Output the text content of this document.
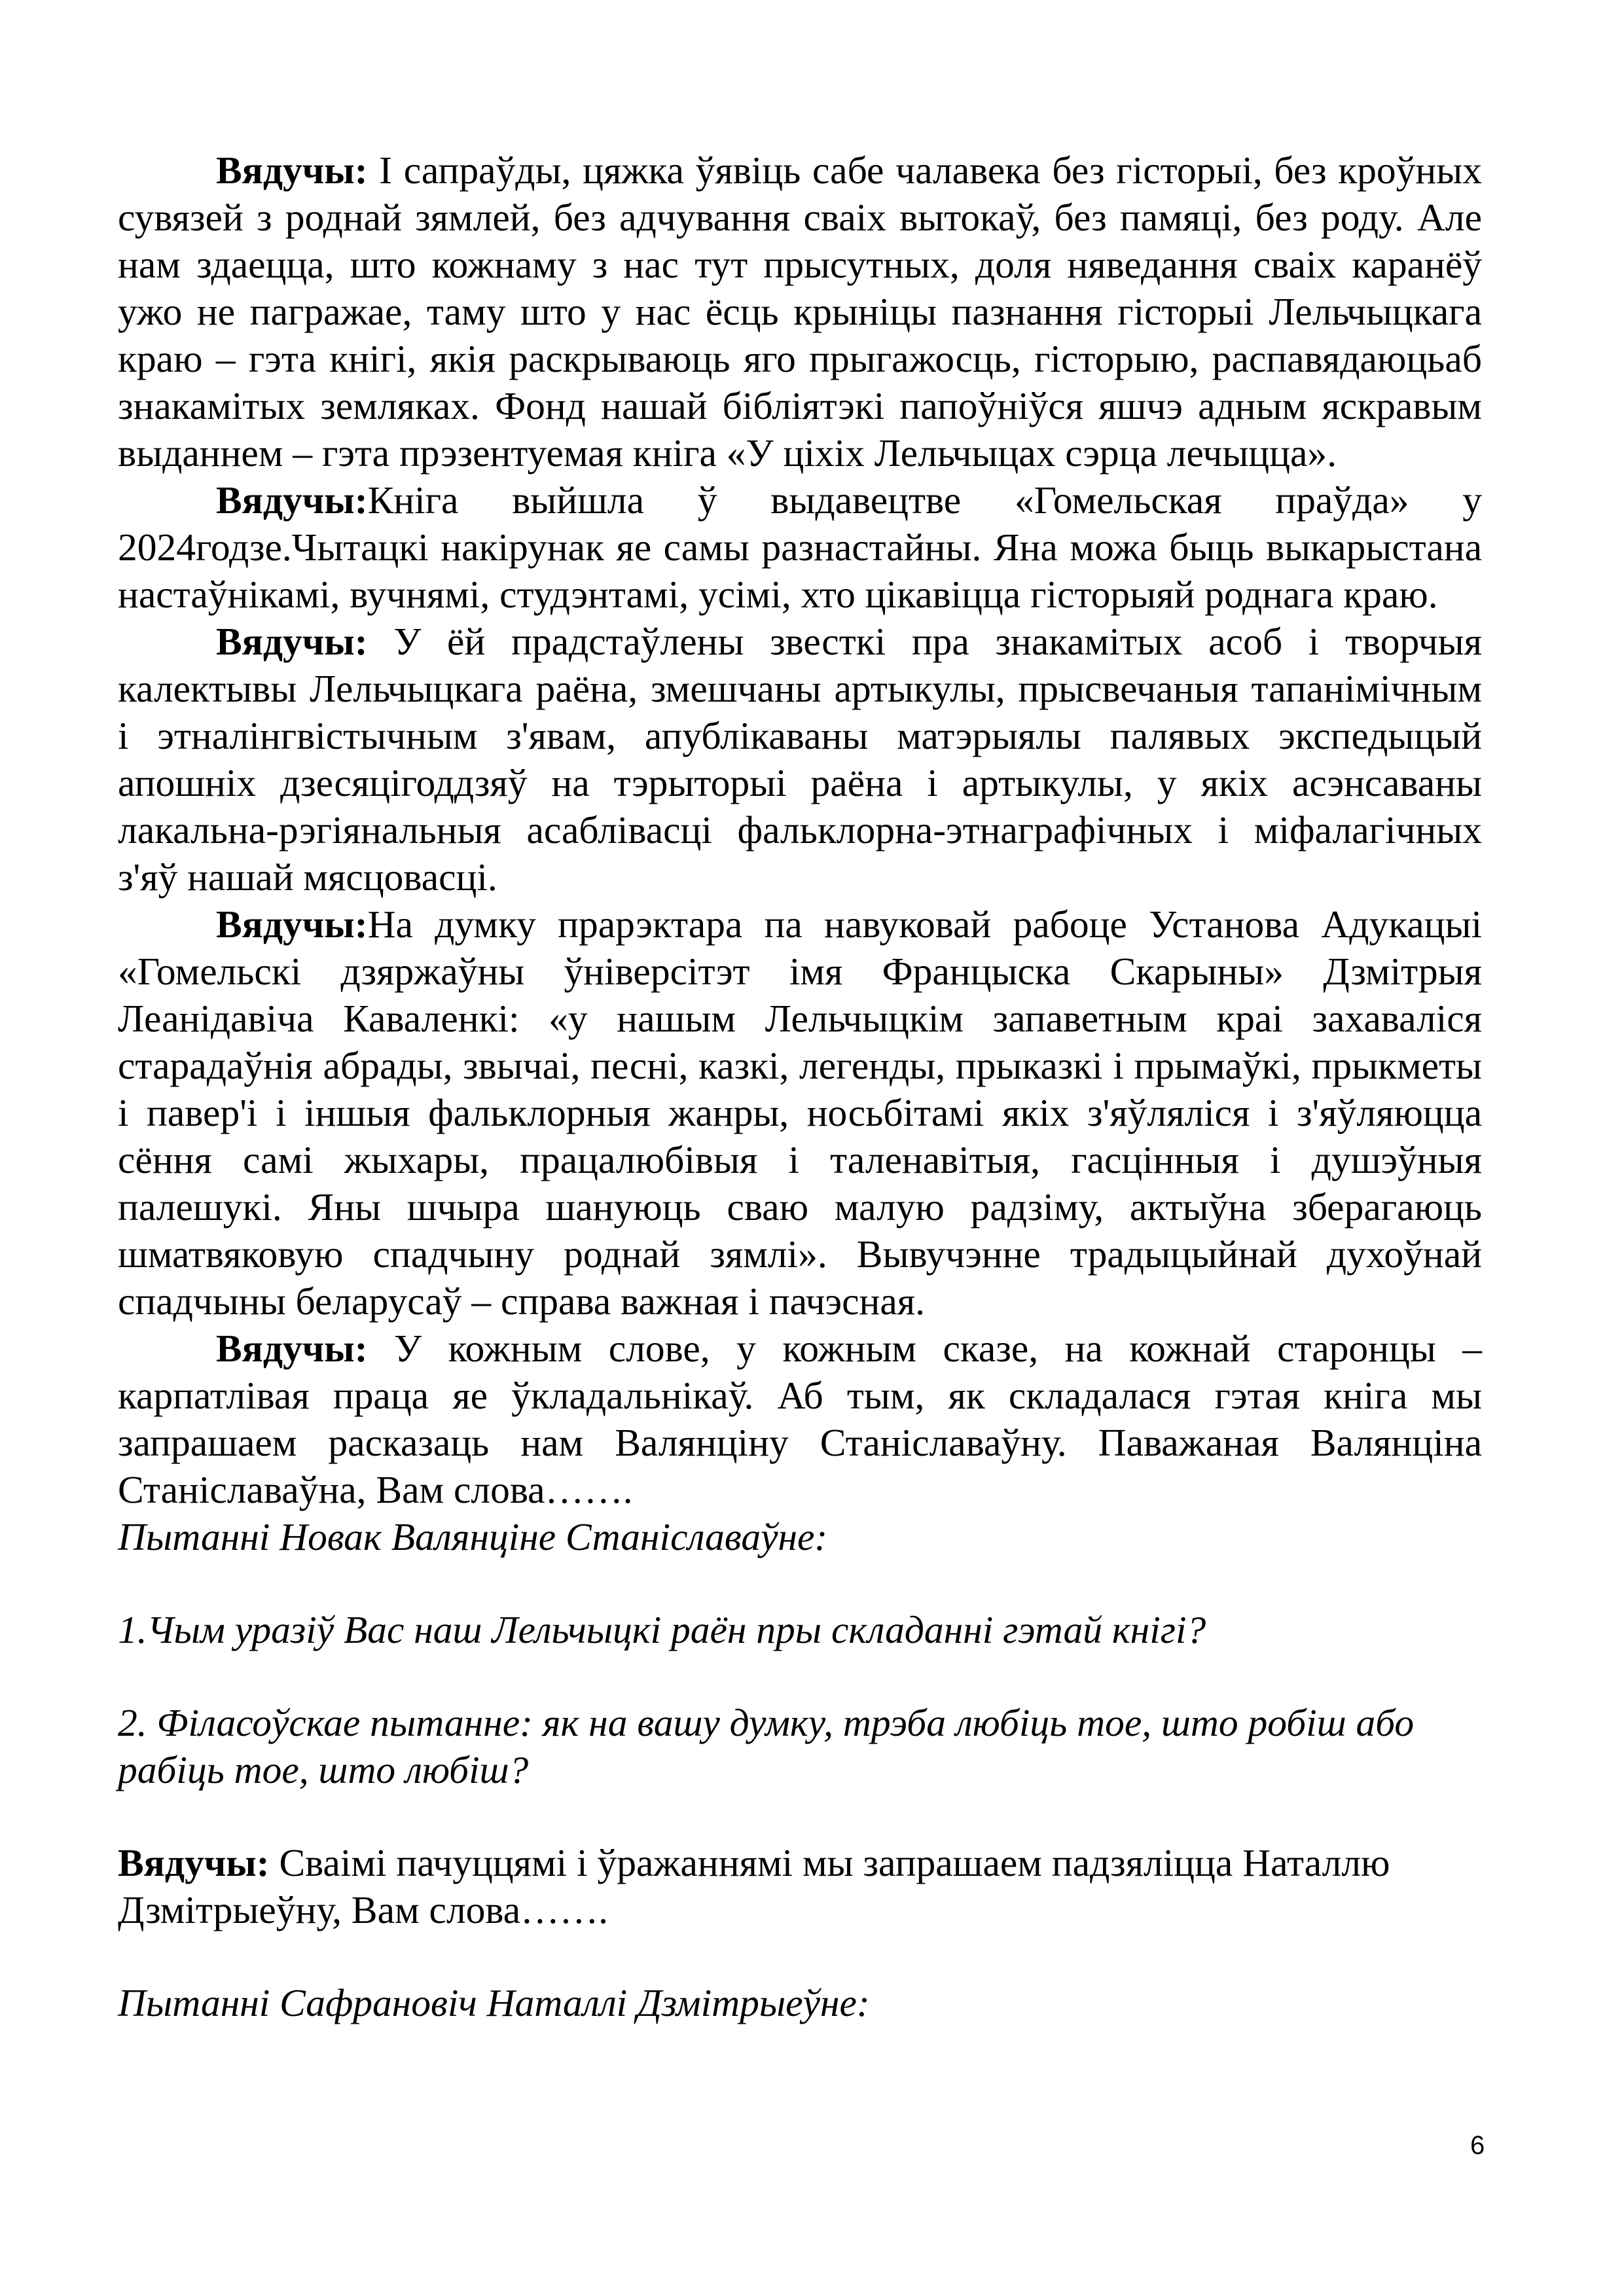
Вядучы: І сапраўды, цяжка ўявіць сабе чалавека без гісторыі, без кроўных сувязей з роднай зямлей, без адчування сваіх вытокаў, без памяці, без роду. Але нам здаецца, што кожнаму з нас тут прысутных, доля няведання сваіх каранёў ужо не пагражае, таму што у нас ёсць крыніцы пазнання гісторыі Лельчыцкага краю – гэта кнігі, якія раскрываюць яго прыгажосць, гісторыю, распавядаюцьаб знакамітых земляках. Фонд нашай бібліятэкі папоўніўся яшчэ адным яскравым выданнем – гэта прэзентуемая кніга «У ціхіх Лельчыцах сэрца лечыцца».

Вядучы:Кніга выйшла ў выдавецтве «Гомельская праўда» у 2024годзе.Чытацкі накірунак яе самы разнастайны. Яна можа быць выкарыстана настаўнікамі, вучнямі, студэнтамі, усімі, хто цікавіцца гісторыяй роднага краю.

Вядучы: У ёй прадстаўлены звесткі пра знакамітых асоб і творчыя калектывы Лельчыцкага раёна, змешчаны артыкулы, прысвечаныя тапанімічным і этналінгвістычным з'явам, апублікаваны матэрыялы палявых экспедыцый апошніх дзесяцігоддзяў на тэрыторыі раёна і артыкулы, у якіх асэнсаваны лакальна-рэгіянальныя асаблівасці фальклорна-этнаграфічных і міфалагічных з'яў нашай мясцовасці.

Вядучы:На думку прарэктара па навуковай рабоце Установа Адукацыі «Гомельскі дзяржаўны ўніверсітэт імя Францыска Скарыны» Дзмітрыя Леанідавіча Каваленкі: «у нашым Лельчыцкім запаветным краі захаваліся старадаўнія абрады, звычаі, песні, казкі, легенды, прыказкі і прымаўкі, прыкметы і павер'і і іншыя фальклорныя жанры, носьбітамі якіх з'яўляліся і з'яўляюцца сёння самі жыхары, працалюбівыя і таленавітыя, гасцінныя і душэўныя палешукі. Яны шчыра шануюць сваю малую радзіму, актыўна зберагаюць шматвяковую спадчыну роднай зямлі». Вывучэнне традыцыйнай духоўнай спадчыны беларусаў – справа важная і пачэсная.

Вядучы: У кожным слове, у кожным сказе, на кожнай старонцы – карпатлівая праца яе ўкладальнікаў. Аб тым, як складалася гэтая кніга мы запрашаем расказаць нам Валянціну Станіславаўну. Паважаная Валянціна Станіславаўна, Вам слова…….

Пытанні Новак Валянціне Станіславаўне:

1.Чым уразіў Вас наш Лельчыцкі раён пры складанні гэтай кнігі?

2. Філасоўскае пытанне: як на вашу думку, трэба любіць тое, што робіш або рабіць тое, што любіш?

Вядучы: Сваімі пачуццямі і ўражаннямі мы запрашаем падзяліцца Наталлю Дзмітрыеўну, Вам слова…….

Пытанні Сафрановіч Наталлі Дзмітрыеўне:

6
